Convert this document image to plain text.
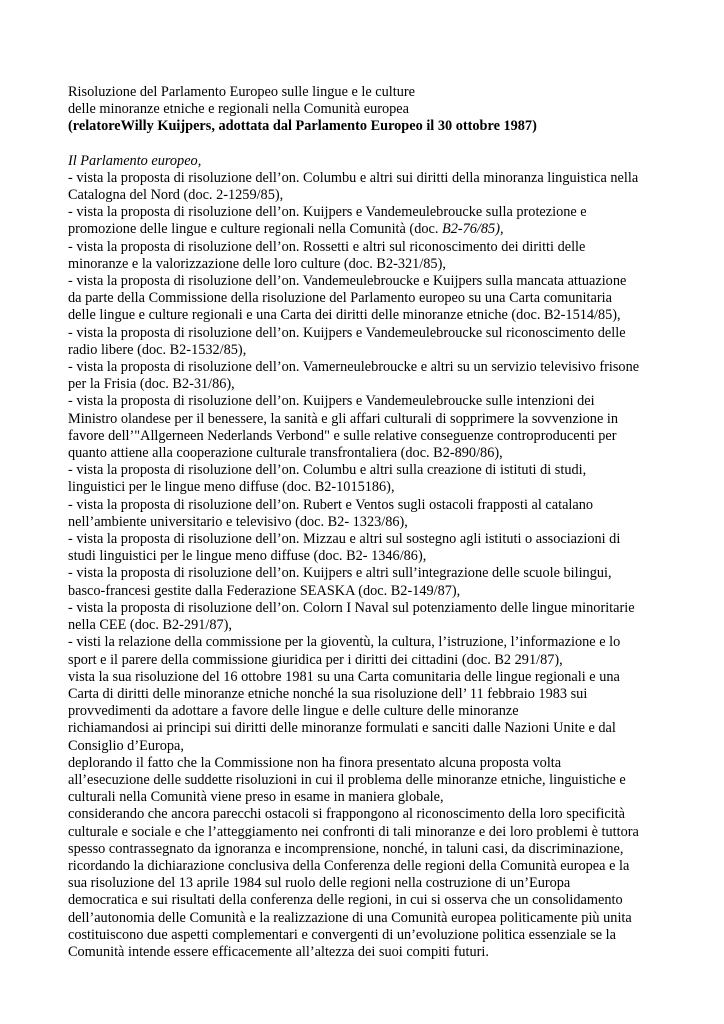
Risoluzione del Parlamento Europeo sulle lingue e le culture
delle minoranze etniche e regionali nella Comunità europea
(relatoreWilly Kuijpers, adottata dal Parlamento Europeo il 30 ottobre 1987)
Il Parlamento europeo,
- vista la proposta di risoluzione dell’on. Columbu e altri sui diritti della minoranza linguistica nella
Catalogna del Nord (doc. 2-1259/85),
- vista la proposta di risoluzione dell’on. Kuijpers e Vandemeulebroucke sulla protezione e
promozione delle lingue e culture regionali nella Comunità (doc. B2-76/85),
- vista la proposta di risoluzione dell’on. Rossetti e altri sul riconoscimento dei diritti delle
minoranze e la valorizzazione delle loro culture (doc. B2-321/85),
- vista la proposta di risoluzione dell’on. Vandemeulebroucke e Kuijpers sulla mancata attuazione
da parte della Commissione della risoluzione del Parlamento europeo su una Carta comunitaria
delle lingue e culture regionali e una Carta dei diritti delle minoranze etniche (doc. B2-1514/85),
- vista la proposta di risoluzione dell’on. Kuijpers e Vandemeulebroucke sul riconoscimento delle
radio libere (doc. B2-1532/85),
- vista la proposta di risoluzione dell’on. Vamerneulebroucke e altri su un servizio televisivo frisone
per la Frisia (doc. B2-31/86),
- vista la proposta di risoluzione dell’on. Kuijpers e Vandemeulebroucke sulle intenzioni dei
Ministro olandese per il benessere, la sanità e gli affari culturali di sopprimere la sovvenzione in
favore dell’"Allgerneen Nederlands Verbond" e sulle relative conseguenze controproducenti per
quanto attiene alla cooperazione culturale transfrontaliera (doc. B2-890/86),
- vista la proposta di risoluzione dell’on. Columbu e altri sulla creazione di istituti di studi,
linguistici per le lingue meno diffuse (doc. B2-1015186),
- vista la proposta di risoluzione dell’on. Rubert e Ventos sugli ostacoli frapposti al catalano
nell’ambiente universitario e televisivo (doc. B2- 1323/86),
- vista la proposta di risoluzione dell’on. Mizzau e altri sul sostegno agli istituti o associazioni di
studi linguistici per le lingue meno diffuse (doc. B2- 1346/86),
- vista la proposta di risoluzione dell’on. Kuijpers e altri sull’integrazione delle scuole bilingui,
basco-francesi gestite dalla Federazione SEASKA (doc. B2-149/87),
- vista la proposta di risoluzione dell’on. Colorn I Naval sul potenziamento delle lingue minoritarie
nella CEE (doc. B2-291/87),
- visti la relazione della commissione per la gioventù, la cultura, l’istruzione, l’informazione e lo
sport e il parere della commissione giuridica per i diritti dei cittadini (doc. B2 291/87),
vista la sua risoluzione del 16 ottobre 1981 su una Carta comunitaria delle lingue regionali e una
Carta di diritti delle minoranze etniche nonché la sua risoluzione dell’ 11 febbraio 1983 sui
provvedimenti da adottare a favore delle lingue e delle culture delle minoranze
richiamandosi ai principi sui diritti delle minoranze formulati e sanciti dalle Nazioni Unite e dal
Consiglio d’Europa,
deplorando il fatto che la Commissione non ha finora presentato alcuna proposta volta
all’esecuzione delle suddette risoluzioni in cui il problema delle minoranze etniche, linguistiche e
culturali nella Comunità viene preso in esame in maniera globale,
considerando che ancora parecchi ostacoli si frappongono al riconoscimento della loro specificità
culturale e sociale e che l’atteggiamento nei confronti di tali minoranze e dei loro problemi è tuttora
spesso contrassegnato da ignoranza e incomprensione, nonché, in taluni casi, da discriminazione,
ricordando la dichiarazione conclusiva della Conferenza delle regioni della Comunità europea e la
sua risoluzione del 13 aprile 1984 sul ruolo delle regioni nella costruzione di un’Europa
democratica e sui risultati della conferenza delle regioni, in cui si osserva che un consolidamento
dell’autonomia delle Comunità e la realizzazione di una Comunità europea politicamente più unita
costituiscono due aspetti complementari e convergenti di un’evoluzione politica essenziale se la
Comunità intende essere efficacemente all’altezza dei suoi compiti futuri.
